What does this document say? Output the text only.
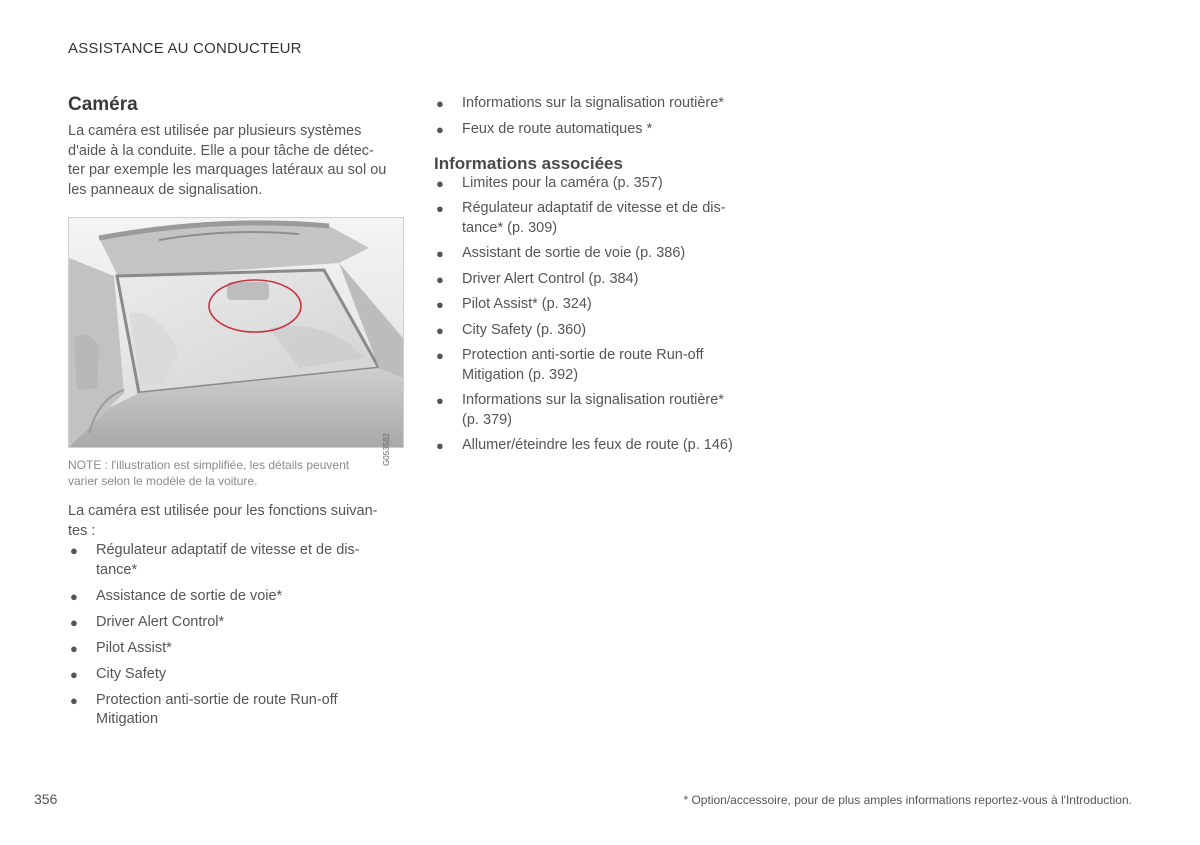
ASSISTANCE AU CONDUCTEUR
Caméra

La caméra est utilisée par plusieurs systèmes
d'aide à la conduite. Elle a pour tâche de détec-
ter par exemple les marquages latéraux au sol ou
les panneaux de signalisation.

G053582

NOTE : l'illustration est simplifiée, les détails peuvent
varier selon le modèle de la voiture.

La caméra est utilisée pour les fonctions suivan-
tes :

● Régulateur adaptatif de vitesse et de dis-
tance*
● Assistance de sortie de voie*
● Driver Alert Control*
● Pilot Assist*
● City Safety
● Protection anti-sortie de route Run-off
Mitigation
● Informations sur la signalisation routière*
● Feux de route automatiques *
Informations associées
● Limites pour la caméra (p. 357)
● Régulateur adaptatif de vitesse et de dis-
tance* (p. 309)
● Assistant de sortie de voie (p. 386)
● Driver Alert Control (p. 384)
● Pilot Assist* (p. 324)
● City Safety (p. 360)
● Protection anti-sortie de route Run-off
Mitigation (p. 392)
● Informations sur la signalisation routière*
(p. 379)
● Allumer/éteindre les feux de route (p. 146)
356	* Option/accessoire, pour de plus amples informations reportez-vous à l'Introduction.
